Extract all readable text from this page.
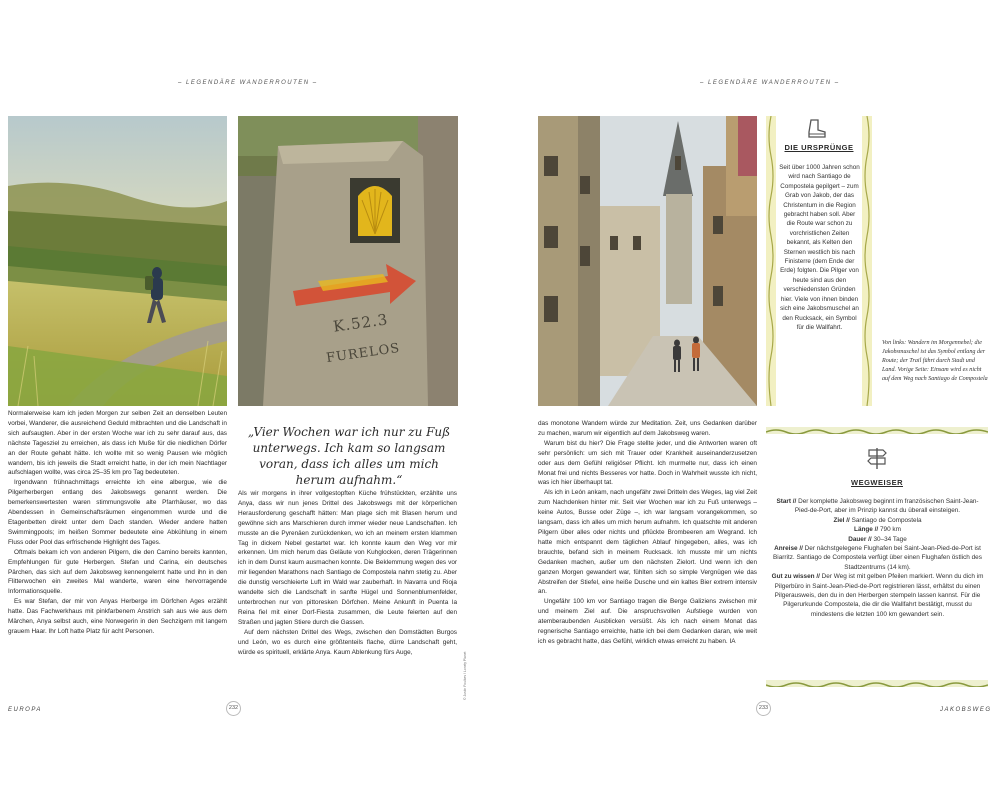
– LEGENDÄRE WANDERROUTEN –	– LEGENDÄRE WANDERROUTEN –
K.52.3
FURELOS

Normalerweise kam ich jeden Morgen zur selben Zeit an denselben Leuten vorbei, Wanderer, die ausreichend Geduld mitbrachten und die Landschaft in sich aufsaugten. Aber in der ersten Woche war ich zu sehr darauf aus, das nächste Tagesziel zu erreichen, als dass ich Muße für die niedlichen Dörfer an der Route gehabt hätte. Ich wollte mit so wenig Pausen wie möglich wandern, bis ich jeweils die Stadt erreicht hatte, in der ich mein Nachtlager aufschlagen wollte, was circa 25–35 km pro Tag bedeuteten.

Irgendwann frühnachmittags erreichte ich eine albergue, wie die Pilgerherbergen entlang des Jakobswegs genannt werden. Die bemerkenswertesten waren stimmungsvolle alte Pfarrhäuser, wo das Abendessen in Gemeinschaftsräumen eingenommen wurde und die Etagenbetten direkt unter dem Dach standen. Wieder andere hatten Swimmingpools; im heißen Sommer bedeutete eine Abkühlung in einem Fluss oder Pool das erfrischende Highlight des Tages.

Oftmals bekam ich von anderen Pilgern, die den Camino bereits kannten, Empfehlungen für gute Herbergen. Stefan und Carina, ein deutsches Pärchen, das sich auf dem Jakobsweg kennengelernt hatte und ihn in den Flitterwochen ein zweites Mal wanderte, waren eine hervorragende Informationsquelle.

Es war Stefan, der mir von Anyas Herberge im Dörfchen Ages erzählt hatte. Das Fachwerkhaus mit pinkfarbenem Anstrich sah aus wie aus dem Märchen, Anya selbst auch, eine Norwegerin in den Sechzigern mit langem grauem Haar. Ihr Loft hatte Platz für acht Personen.

„Vier Wochen war ich nur zu Fuß unterwegs. Ich kam so langsam voran, dass ich alles um mich herum aufnahm.“

Als wir morgens in ihrer vollgestopften Küche frühstückten, erzählte uns Anya, dass wir nun jenes Drittel des Jakobswegs mit der körperlichen Herausforderung geschafft hätten: Man plage sich mit Blasen herum und gewöhne sich ans Marschieren durch immer wieder neue Landschaften. Ich musste an die Pyrenäen zurückdenken, wo ich an meinem ersten klammen Tag in dickem Nebel gestartet war. Ich konnte kaum den Weg vor mir erkennen. Um mich herum das Geläute von Kuhglocken, deren Trägerinnen ich in dem Dunst kaum ausmachen konnte. Die Beklemmung wegen des vor mir liegenden Marathons nach Santiago de Compostela nahm stetig zu. Aber die dunstig verschleierte Luft im Wald war zauberhaft. In Navarra und Rioja wandelte sich die Landschaft in sanfte Hügel und Sonnenblumenfelder, unterbrochen nur von pittoresken Dörfchen. Meine Ankunft in Puenta la Reina fiel mit einer Dorf-Fiesta zusammen, die Leute feierten auf den Straßen und jagten Stiere durch die Gassen.

Auf dem nächsten Drittel des Wegs, zwischen den Domstädten Burgos und León, wo es durch eine größtenteils flache, dürre Landschaft geht, würde es spirituell, erklärte Anya. Kaum Ablenkung fürs Auge,	© Justin Foulkes / Lonely Planet
EUROPA	232

das monotone Wandern würde zur Meditation. Zeit, uns Gedanken darüber zu machen, warum wir eigentlich auf dem Jakobsweg waren.

Warum bist du hier? Die Frage stellte jeder, und die Antworten waren oft sehr persönlich: um sich mit Trauer oder Krankheit auseinanderzusetzen oder aus dem Gefühl religiöser Pflicht. Ich murmelte nur, dass ich einen Monat frei und nichts Besseres vor hatte. Doch in Wahrheit wusste ich nicht, was ich hier überhaupt tat.

Als ich in León ankam, nach ungefähr zwei Dritteln des Weges, lag viel Zeit zum Nachdenken hinter mir. Seit vier Wochen war ich zu Fuß unterwegs – keine Autos, Busse oder Züge –, ich war langsam vorangekommen, so langsam, dass ich alles um mich herum aufnahm. Ich quatschte mit anderen Pilgern über alles oder nichts und pflückte Brombeeren am Wegrand. Ich hatte mich entspannt dem täglichen Ablauf hingegeben, alles, was ich brauchte, befand sich in meinem Rucksack. Ich musste mir um nichts Gedanken machen, außer um den nächsten Zielort. Und wenn ich den ganzen Morgen gewandert war, fühlten sich so simple Vergnügen wie das Abstreifen der Stiefel, eine heiße Dusche und ein kaltes Bier extrem intensiv an.

Ungefähr 100 km vor Santiago tragen die Berge Galiziens zwischen mir und meinem Ziel auf. Die anspruchsvollen Aufstiege wurden von atemberaubenden Ausblicken versüßt. Als ich nach einem Monat das regnerische Santiago erreichte, hatte ich bei dem Gedanken daran, wie weit ich es gebracht hatte, das Gefühl, wirklich etwas erreicht zu haben. IA

DIE URSPRÜNGE

Seit über 1000 Jahren schon wird nach Santiago de Compostela gepilgert – zum Grab von Jakob, der das Christentum in die Region gebracht haben soll. Aber die Route war schon zu vorchristlichen Zeiten bekannt, als Kelten den Sternen westlich bis nach Finisterre (dem Ende der Erde) folgten. Die Pilger von heute sind aus den verschiedensten Gründen hier. Viele von ihnen binden sich eine Jakobsmuschel an den Rucksack, ein Symbol für die Wallfahrt.

Von links: Wandern im Morgennebel; die Jakobsmuschel ist das Symbol entlang der Route; der Trail führt durch Stadt und Land. Vorige Seite: Einsam wird es nicht auf dem Weg nach Santiago de Compostela

WEGWEISER

Start // Der komplette Jakobsweg beginnt im französischen Saint-Jean-Pied-de-Port, aber im Prinzip kannst du überall einsteigen.

Ziel // Santiago de Compostela

Länge // 790 km

Dauer // 30–34 Tage

Anreise // Der nächstgelegene Flughafen bei Saint-Jean-Pied-de-Port ist Biarritz. Santiago de Compostela verfügt über einen Flughafen östlich des Stadtzentrums (14 km).

Gut zu wissen // Der Weg ist mit gelben Pfeilen markiert. Wenn du dich im Pilgerbüro in Saint-Jean-Pied-de-Port registrieren lässt, erhältst du einen Pilgerausweis, den du in den Herbergen stempeln lassen kannst. Für die Pilgerurkunde Compostela, die dir die Wallfahrt bestätigt, musst du mindestens die letzten 100 km gewandert sein.

233	JAKOBSWEG
